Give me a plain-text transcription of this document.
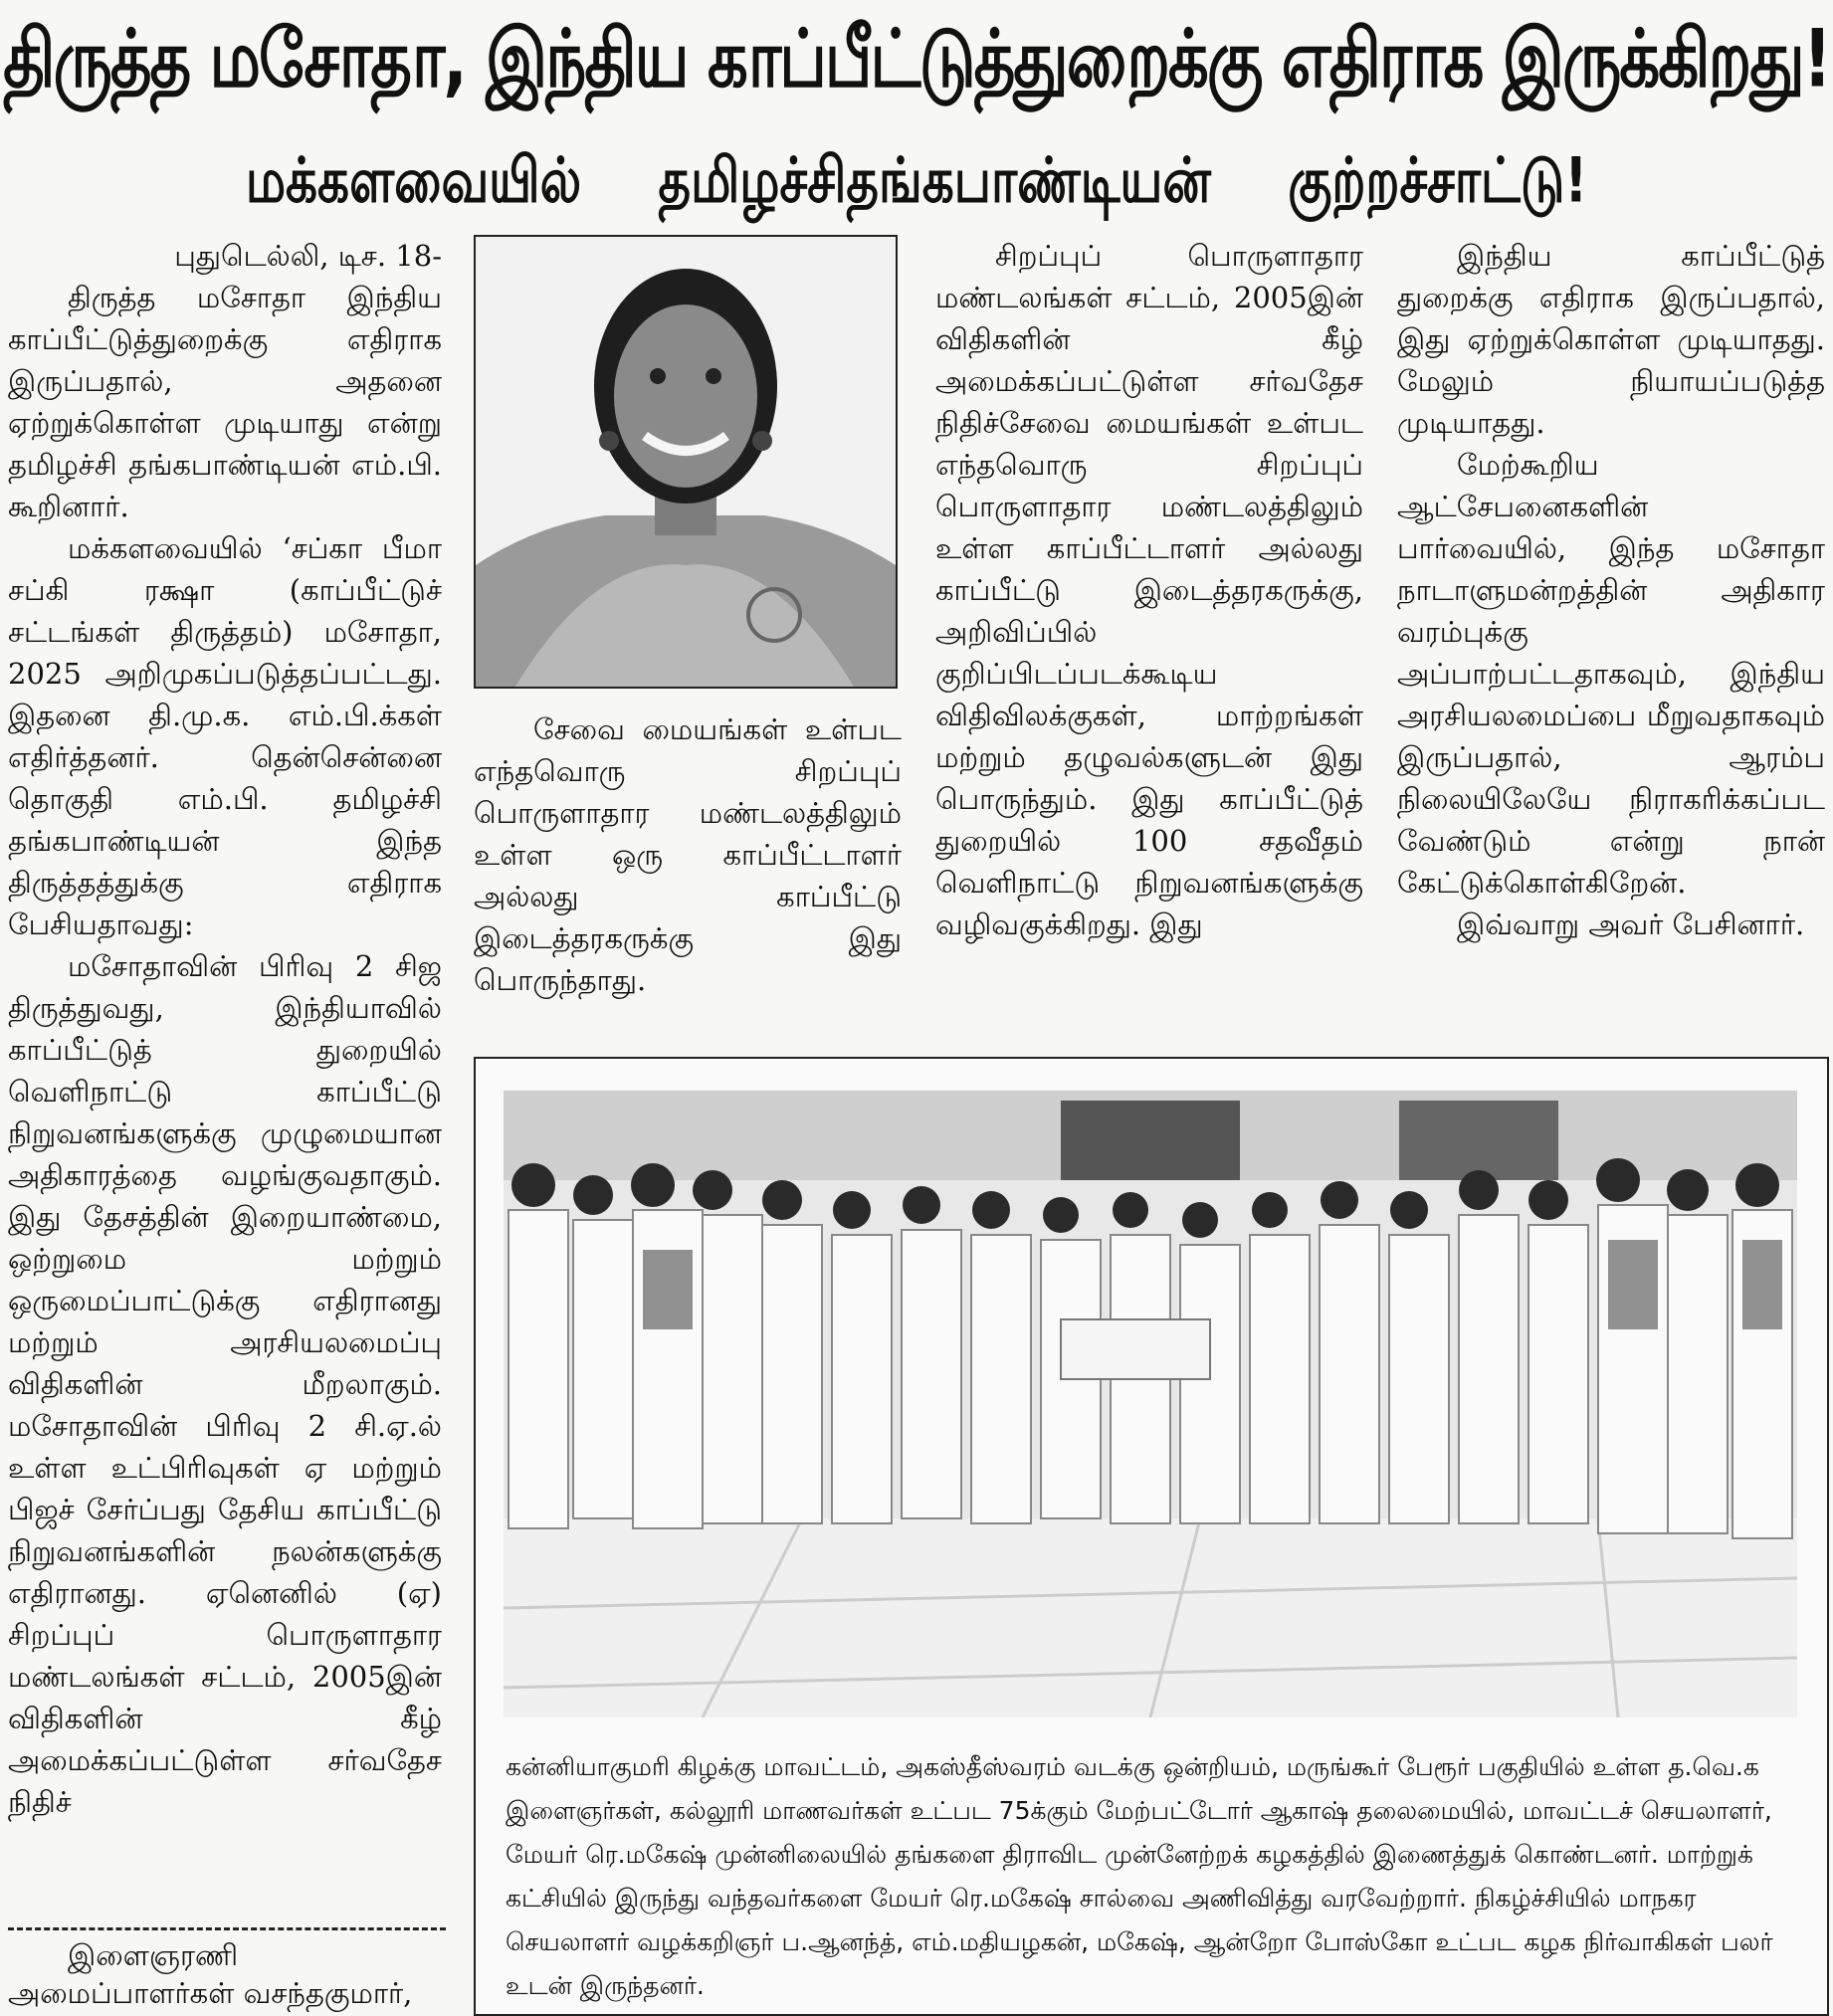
திருத்த மசோதா, இந்திய காப்பீட்டுத்துறைக்கு எதிராக இருக்கிறது!
மக்களவையில் தமிழச்சிதங்கபாண்டியன் குற்றச்சாட்டு!

புதுடெல்லி, டிச. 18-

திருத்த மசோதா இந்திய காப்பீட்டுத்துறைக்கு எதிராக இருப்பதால், அதனை ஏற்றுக்கொள்ள முடியாது என்று தமிழச்சி தங்கபாண்டியன் எம்.பி. கூறினார்.

மக்களவையில் ‘சப்கா பீமா சப்கி ரக்ஷா (காப்பீட்டுச் சட்டங்கள் திருத்தம்) மசோதா, 2025 அறிமுகப்படுத்தப்பட்டது. இதனை தி.மு.க. எம்.பி.க்கள் எதிர்த்தனர். தென்சென்னை தொகுதி எம்.பி. தமிழச்சி தங்கபாண்டியன் இந்த திருத்தத்துக்கு எதிராக பேசியதாவது:

மசோதாவின் பிரிவு 2 சிஜ திருத்துவது, இந்தியாவில் காப்பீட்டுத் துறையில் வெளிநாட்டு காப்பீட்டு நிறுவனங்களுக்கு முழுமையான அதிகாரத்தை வழங்குவதாகும். இது தேசத்தின் இறையாண்மை, ஒற்றுமை மற்றும் ஒருமைப்பாட்டுக்கு எதிரானது மற்றும் அரசியலமைப்பு விதிகளின் மீறலாகும். மசோதாவின் பிரிவு 2 சி.ஏ.ல் உள்ள உட்பிரிவுகள் ஏ மற்றும் பிஜச் சேர்ப்பது தேசிய காப்பீட்டு நிறுவனங்களின் நலன்களுக்கு எதிரானது. ஏனெனில் (ஏ) சிறப்புப் பொருளாதார மண்டலங்கள் சட்டம், 2005இன் விதிகளின் கீழ் அமைக்கப்பட்டுள்ள சர்வதேச நிதிச்

இளைஞரணி அமைப்பாளர்கள் வசந்தகுமார்,

சேவை மையங்கள் உள்பட எந்தவொரு சிறப்புப் பொருளாதார மண்டலத்திலும் உள்ள ஒரு காப்பீட்டாளர் அல்லது காப்பீட்டு இடைத்தரகருக்கு இது பொருந்தாது.

சிறப்புப் பொருளாதார மண்டலங்கள் சட்டம், 2005இன் விதிகளின் கீழ் அமைக்கப்பட்டுள்ள சர்வதேச நிதிச்சேவை மையங்கள் உள்பட எந்தவொரு சிறப்புப் பொருளாதார மண்டலத்திலும் உள்ள காப்பீட்டாளர் அல்லது காப்பீட்டு இடைத்தரகருக்கு, அறிவிப்பில் குறிப்பிடப்படக்கூடிய விதிவிலக்குகள், மாற்றங்கள் மற்றும் தழுவல்களுடன் இது பொருந்தும். இது காப்பீட்டுத் துறையில் 100 சதவீதம் வெளிநாட்டு நிறுவனங்களுக்கு வழிவகுக்கிறது. இது

இந்திய காப்பீட்டுத் துறைக்கு எதிராக இருப்பதால், இது ஏற்றுக்கொள்ள முடியாதது. மேலும் நியாயப்படுத்த முடியாதது.

மேற்கூறிய ஆட்சேபனைகளின் பார்வையில், இந்த மசோதா நாடாளுமன்றத்தின் அதிகார வரம்புக்கு அப்பாற்பட்டதாகவும், இந்திய அரசியலமைப்பை மீறுவதாகவும் இருப்பதால், ஆரம்ப நிலையிலேயே நிராகரிக்கப்பட வேண்டும் என்று நான் கேட்டுக்கொள்கிறேன்.

இவ்வாறு அவர் பேசினார்.

கன்னியாகுமரி கிழக்கு மாவட்டம், அகஸ்தீஸ்வரம் வடக்கு ஒன்றியம், மருங்கூர் பேரூர் பகுதியில் உள்ள த.வெ.க இளைஞர்கள், கல்லூரி மாணவர்கள் உட்பட 75க்கும் மேற்பட்டோர் ஆகாஷ் தலைமையில், மாவட்டச் செயலாளர், மேயர் ரெ.மகேஷ் முன்னிலையில் தங்களை திராவிட முன்னேற்றக் கழகத்தில் இணைத்துக் கொண்டனர். மாற்றுக் கட்சியில் இருந்து வந்தவர்களை மேயர் ரெ.மகேஷ் சால்வை அணிவித்து வரவேற்றார். நிகழ்ச்சியில் மாநகர செயலாளர் வழக்கறிஞர் ப.ஆனந்த், எம்.மதியழகன், மகேஷ், ஆன்றோ போஸ்கோ உட்பட கழக நிர்வாகிகள் பலர் உடன் இருந்தனர்.
